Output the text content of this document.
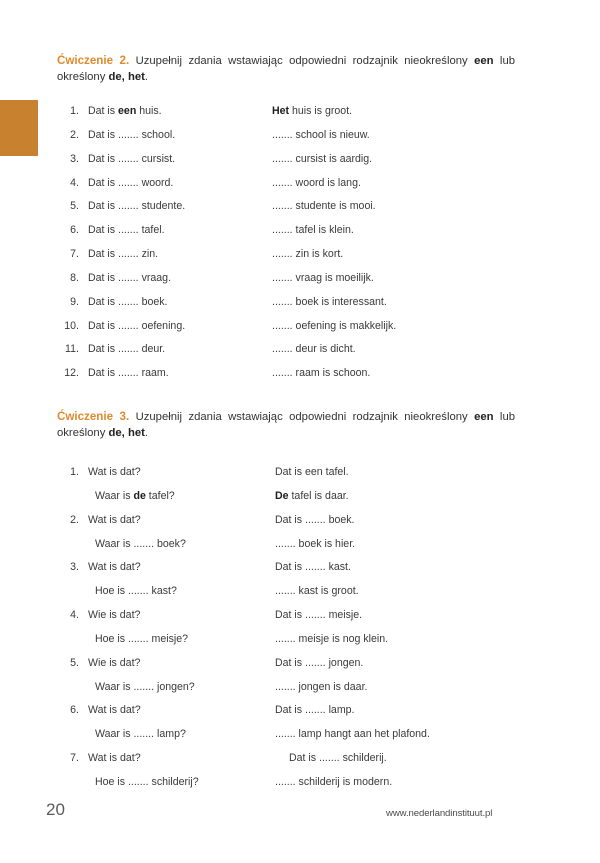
Ćwiczenie 2. Uzupełnij zdania wstawiając odpowiedni rodzajnik nieokreślony een lub określony de, het.

1. Dat is een huis.	Het huis is groot.
2. Dat is ....... school.	....... school is nieuw.
3. Dat is ....... cursist.	....... cursist is aardig.
4. Dat is ....... woord.	....... woord is lang.
5. Dat is ....... studente.	....... studente is mooi.
6. Dat is ....... tafel.	....... tafel is klein.
7. Dat is ....... zin.	....... zin is kort.
8. Dat is ....... vraag.	....... vraag is moeilijk.
9. Dat is ....... boek.	....... boek is interessant.
10. Dat is ....... oefening.	....... oefening is makkelijk.
11. Dat is ....... deur.	....... deur is dicht.
12. Dat is ....... raam.	....... raam is schoon.

Ćwiczenie 3. Uzupełnij zdania wstawiając odpowiedni rodzajnik nieokreślony een lub określony de, het.

1. Wat is dat?	Dat is een tafel.
Waar is de tafel?	De tafel is daar.
2. Wat is dat?	Dat is ....... boek.
Waar is ....... boek?	....... boek is hier.
3. Wat is dat?	Dat is ....... kast.
Hoe is ....... kast?	....... kast is groot.
4. Wie is dat?	Dat is ....... meisje.
Hoe is ....... meisje?	....... meisje is nog klein.
5. Wie is dat?	Dat is ....... jongen.
Waar is ....... jongen?	....... jongen is daar.
6. Wat is dat?	Dat is ....... lamp.
Waar is ....... lamp?	....... lamp hangt aan het plafond.
7. Wat is dat?	Dat is ....... schilderij.
Hoe is ....... schilderij?	....... schilderij is modern.
20	www.nederlandinstituut.pl
